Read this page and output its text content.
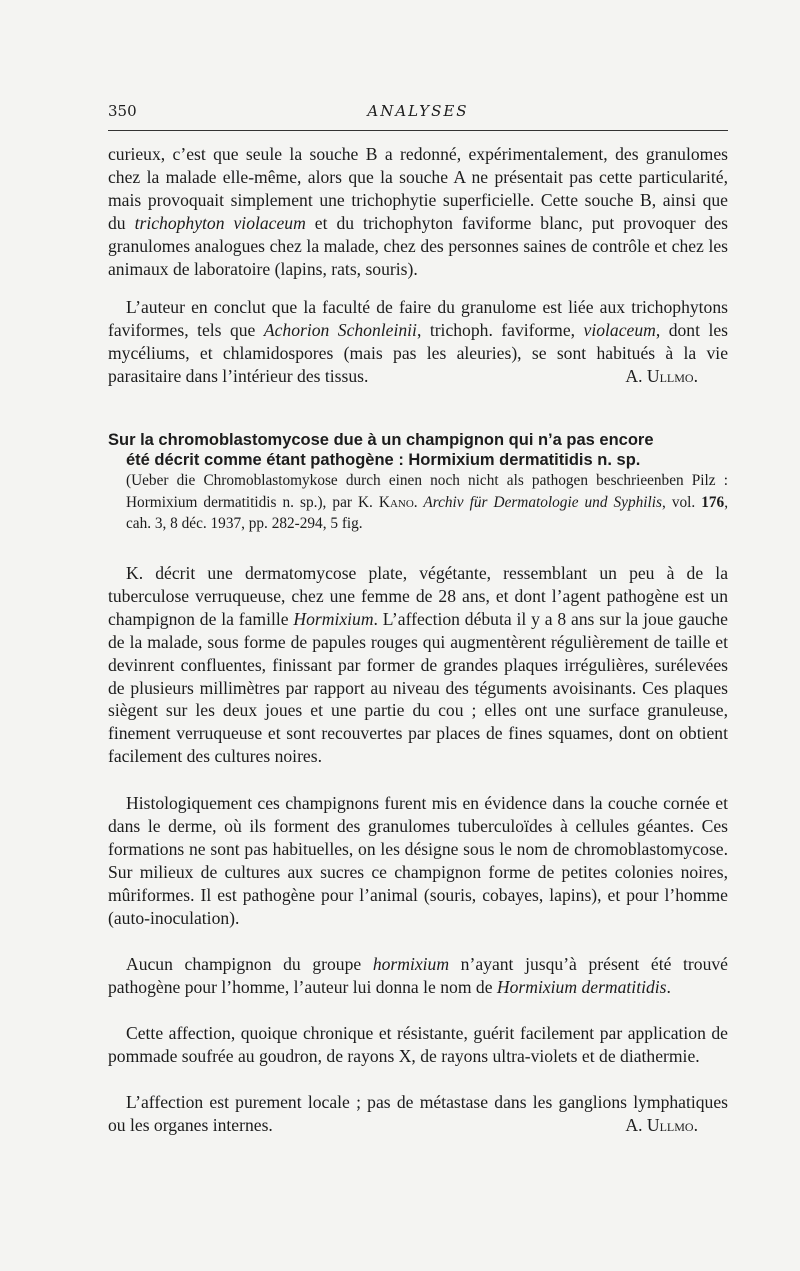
350	ANALYSES

curieux, c’est que seule la souche B a redonné, expérimentalement, des granulomes chez la malade elle-même, alors que la souche A ne présentait pas cette particularité, mais provoquait simplement une trichophytie superficielle. Cette souche B, ainsi que du trichophyton violaceum et du trichophyton faviforme blanc, put provoquer des granulomes analogues chez la malade, chez des personnes saines de contrôle et chez les animaux de laboratoire (lapins, rats, souris).

L’auteur en conclut que la faculté de faire du granulome est liée aux trichophytons faviformes, tels que Achorion Schonleinii, trichoph. faviforme, violaceum, dont les mycéliums, et chlamidospores (mais pas les aleuries), se sont habitués à la vie parasitaire dans l’intérieur des tissus.	A. Ullmo.

Sur la chromoblastomycose due à un champignon qui n’a pas encore
été décrit comme étant pathogène : Hormixium dermatitidis n. sp.

(Ueber die Chromoblastomykose durch einen noch nicht als pathogen beschrieenben Pilz : Hormixium dermatitidis n. sp.), par K. Kano. Archiv für Dermatologie und Syphilis, vol. 176, cah. 3, 8 déc. 1937, pp. 282-294, 5 fig.

K. décrit une dermatomycose plate, végétante, ressemblant un peu à de la tuberculose verruqueuse, chez une femme de 28 ans, et dont l’agent pathogène est un champignon de la famille Hormixium. L’affection débuta il y a 8 ans sur la joue gauche de la malade, sous forme de papules rouges qui augmentèrent régulièrement de taille et devinrent confluentes, finissant par former de grandes plaques irrégulières, surélevées de plusieurs millimètres par rapport au niveau des téguments avoisinants. Ces plaques siègent sur les deux joues et une partie du cou ; elles ont une surface granuleuse, finement verruqueuse et sont recouvertes par places de fines squames, dont on obtient facilement des cultures noires.

Histologiquement ces champignons furent mis en évidence dans la couche cornée et dans le derme, où ils forment des granulomes tuberculoïdes à cellules géantes. Ces formations ne sont pas habituelles, on les désigne sous le nom de chromoblastomycose. Sur milieux de cultures aux sucres ce champignon forme de petites colonies noires, mûriformes. Il est pathogène pour l’animal (souris, cobayes, lapins), et pour l’homme (auto-inoculation).

Aucun champignon du groupe hormixium n’ayant jusqu’à présent été trouvé pathogène pour l’homme, l’auteur lui donna le nom de Hormixium dermatitidis.

Cette affection, quoique chronique et résistante, guérit facilement par application de pommade soufrée au goudron, de rayons X, de rayons ultra-violets et de diathermie.

L’affection est purement locale ; pas de métastase dans les ganglions lymphatiques ou les organes internes.	A. Ullmo.
